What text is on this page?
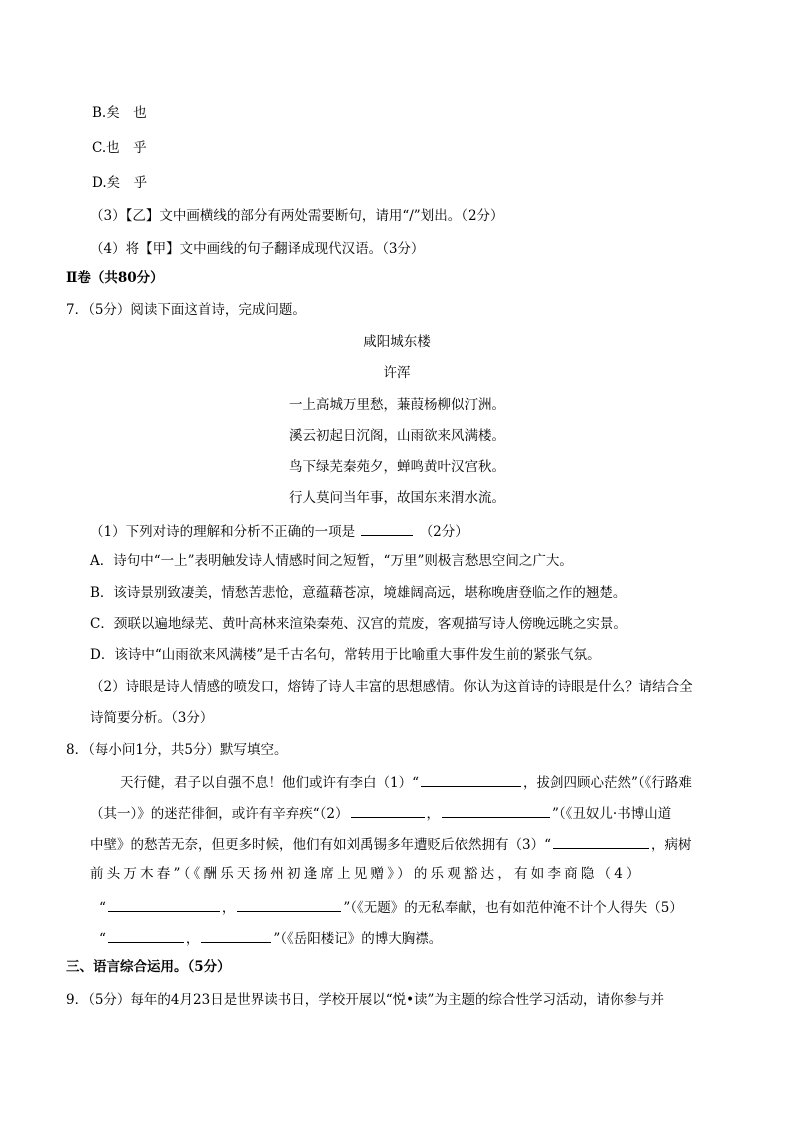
B.矣　也
C.也　乎
D.矣　乎
（3）【乙】文中画横线的部分有两处需要断句，请用“/”划出。（2分）
（4）将【甲】文中画线的句子翻译成现代汉语。（3分）
Ⅱ卷（共80分）
7．（5分）阅读下面这首诗，完成问题。
咸阳城东楼
许浑
一上高城万里愁，蒹葭杨柳似汀洲。
溪云初起日沉阁，山雨欲来风满楼。
鸟下绿芜秦苑夕，蝉鸣黄叶汉宫秋。
行人莫问当年事，故国东来渭水流。
（1）下列对诗的理解和分析不正确的一项是	（2分）
A．诗句中“一上”表明触发诗人情感时间之短暂，“万里”则极言愁思空间之广大。
B．该诗景别致凄美，情愁苦悲怆，意蕴藉苍凉，境雄阔高远，堪称晚唐登临之作的翘楚。
C．颈联以遍地绿芜、黄叶高林来渲染秦苑、汉宫的荒废，客观描写诗人傍晚远眺之实景。
D．该诗中“山雨欲来风满楼”是千古名句，常转用于比喻重大事件发生前的紧张气氛。
（2）诗眼是诗人情感的喷发口，熔铸了诗人丰富的思想感情。你认为这首诗的诗眼是什么？请结合全
诗简要分析。（3分）
8．（每小问1分，共5分）默写填空。
天行健，君子以自强不息！他们或许有李白（1）“	，拔剑四顾心茫然”（《行路难
（其一）》的迷茫徘徊，或许有辛弃疾“（2）	，	”（《丑奴儿·书博山道
中壁》的愁苦无奈，但更多时候，他们有如刘禹锡多年遭贬后依然拥有（3）“	，病树
前头万木春”（《酬乐天扬州初逢席上见赠》）的乐观豁达，有如李商隐（4）
“	，	”（《无题》的无私奉献，也有如范仲淹不计个人得失（5）
“	，	”（《岳阳楼记》的博大胸襟。
三、语言综合运用。（5分）
9．（5分）每年的4月23日是世界读书日，学校开展以“悦•读”为主题的综合性学习活动，请你参与并
